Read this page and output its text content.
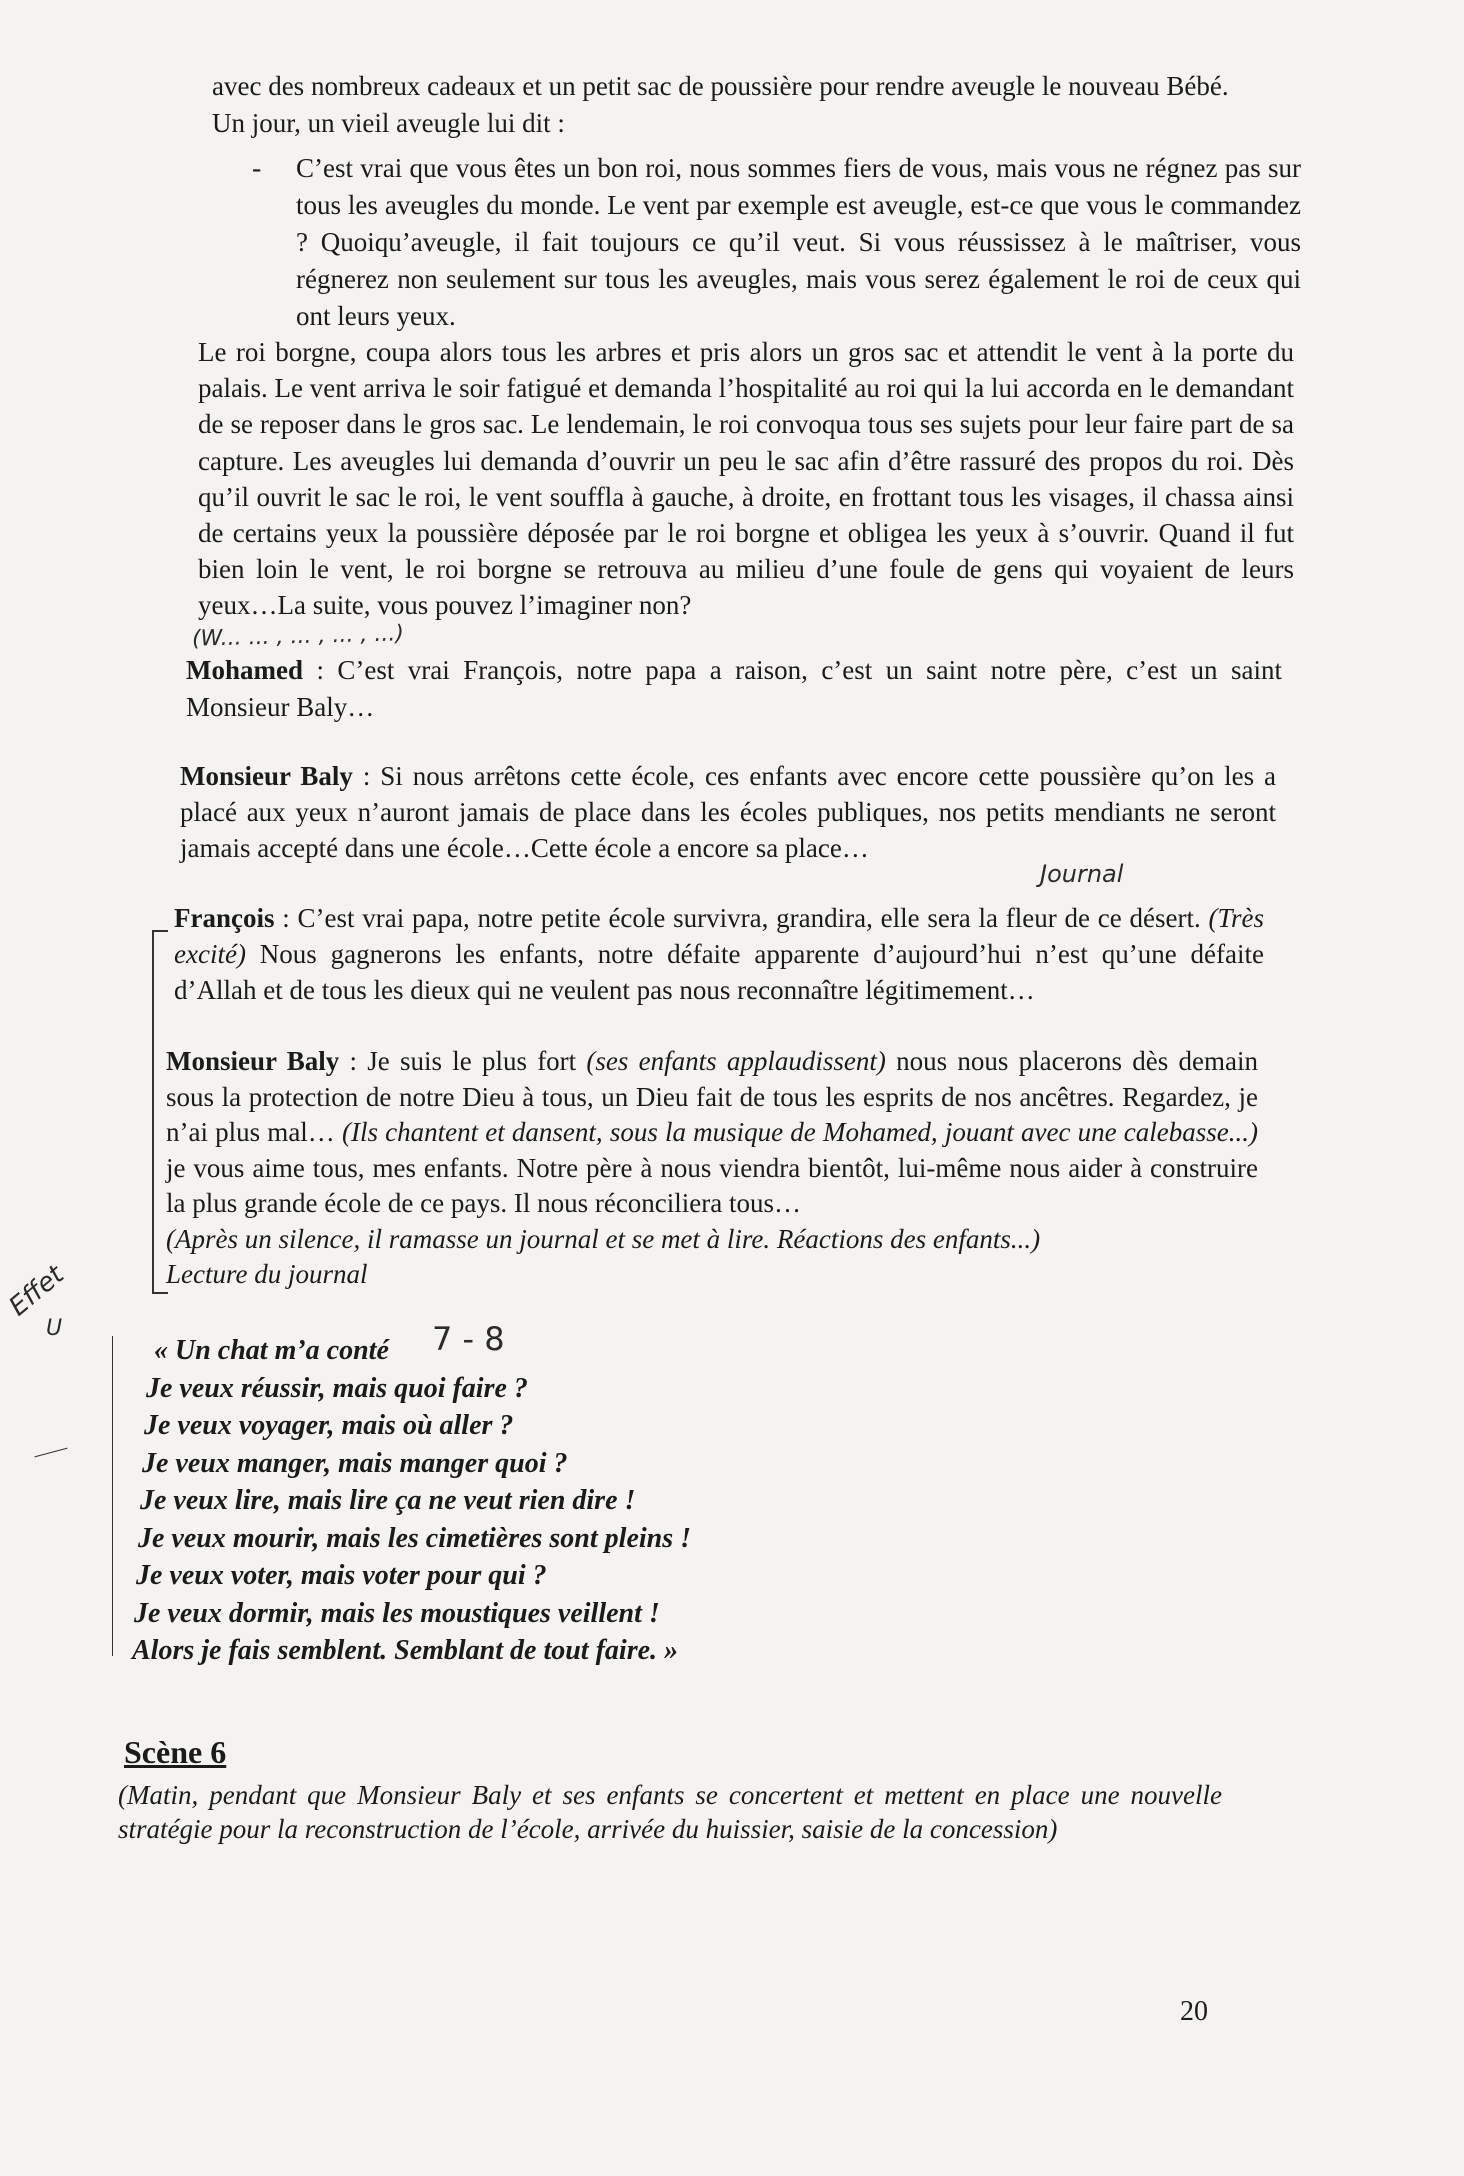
avec des nombreux cadeaux et un petit sac de poussière pour rendre aveugle le nouveau Bébé.
Un jour, un vieil aveugle lui dit :

- C’est vrai que vous êtes un bon roi, nous sommes fiers de vous, mais vous ne régnez pas sur tous les aveugles du monde. Le vent par exemple est aveugle, est-ce que vous le commandez ? Quoiqu’aveugle, il fait toujours ce qu’il veut. Si vous réussissez à le maîtriser, vous régnerez non seulement sur tous les aveugles, mais vous serez également le roi de ceux qui ont leurs yeux.

Le roi borgne, coupa alors tous les arbres et pris alors un gros sac et attendit le vent à la porte du palais. Le vent arriva le soir fatigué et demanda l’hospitalité au roi qui la lui accorda en le demandant de se reposer dans le gros sac. Le lendemain, le roi convoqua tous ses sujets pour leur faire part de sa capture. Les aveugles lui demanda d’ouvrir un peu le sac afin d’être rassuré des propos du roi. Dès qu’il ouvrit le sac le roi, le vent souffla à gauche, à droite, en frottant tous les visages, il chassa ainsi de certains yeux la poussière déposée par le roi borgne et obligea les yeux à s’ouvrir. Quand il fut bien loin le vent, le roi borgne se retrouva au milieu d’une foule de gens qui voyaient de leurs yeux…La suite, vous pouvez l’imaginer non?

(W... ... , ... , ... , ...)

Mohamed : C’est vrai François, notre papa a raison, c’est un saint notre père, c’est un saint Monsieur Baly…

Monsieur Baly : Si nous arrêtons cette école, ces enfants avec encore cette poussière qu’on les a placé aux yeux n’auront jamais de place dans les écoles publiques, nos petits mendiants ne seront jamais accepté dans une école…Cette école a encore sa place…

Journal

François : C’est vrai papa, notre petite école survivra, grandira, elle sera la fleur de ce désert. (Très excité) Nous gagnerons les enfants, notre défaite apparente d’aujourd’hui n’est qu’une défaite d’Allah et de tous les dieux qui ne veulent pas nous reconnaître légitimement…

Monsieur Baly : Je suis le plus fort (ses enfants applaudissent) nous nous placerons dès demain sous la protection de notre Dieu à tous, un Dieu fait de tous les esprits de nos ancêtres. Regardez, je n’ai plus mal… (Ils chantent et dansent, sous la musique de Mohamed, jouant avec une calebasse...) je vous aime tous, mes enfants. Notre père à nous viendra bientôt, lui-même nous aider à construire la plus grande école de ce pays. Il nous réconciliera tous…
(Après un silence, il ramasse un journal et se met à lire. Réactions des enfants...)
Lecture du journal

Effet
U	7 - 8
« Un chat m’a conté
Je veux réussir, mais quoi faire ?
Je veux voyager, mais où aller ?
Je veux manger, mais manger quoi ?
Je veux lire, mais lire ça ne veut rien dire !
Je veux mourir, mais les cimetières sont pleins !
Je veux voter, mais voter pour qui ?
Je veux dormir, mais les moustiques veillent !
Alors je fais semblent. Semblant de tout faire. »
Scène 6

(Matin, pendant que Monsieur Baly et ses enfants se concertent et mettent en place une nouvelle stratégie pour la reconstruction de l’école, arrivée du huissier, saisie de la concession)

20
